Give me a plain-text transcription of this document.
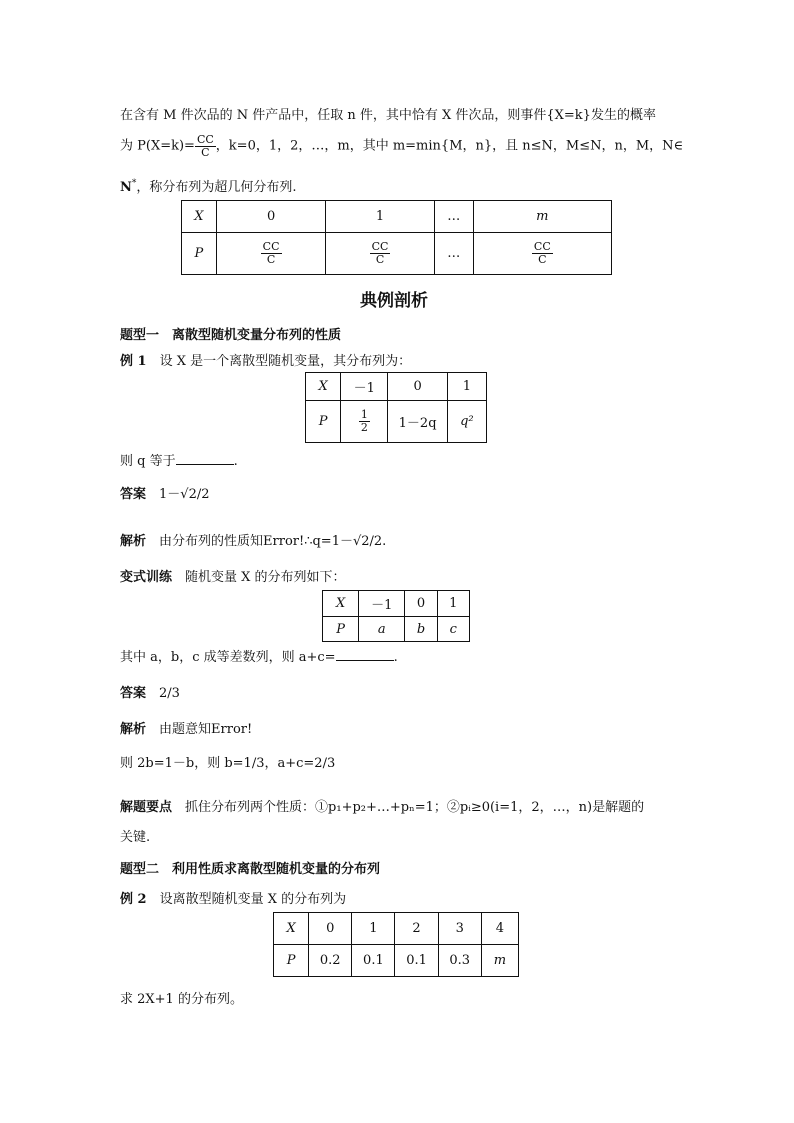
在含有 M 件次品的 N 件产品中，任取 n 件，其中恰有 X 件次品，则事件{X=k}发生的概率
为 $P(X=k)= \frac{CC}{C}$ ，k=0，1，2，…，m，其中 m=min{M，n}，且 n≤N，M≤N，n，M，N∈
N*，称分布列为超几何分布列.
X	0	1	…	m
P	$\frac{CC}{C}$	$\frac{CC}{C}$	…	$\frac{CC}{C}$
典例剖析
题型一　离散型随机变量分布列的性质
例 1　 设 X 是一个离散型随机变量，其分布列为：
X	－1	0	1
P	$\frac{1}{2}$	1－2q	q²
则 q 等于	.
答案　 1－√2/2
解析　 由分布列的性质知Error!∴q=1－√2/2.
变式训练　 随机变量 X 的分布列如下：
X	－1	0	1
P	a	b	c
其中 a，b，c 成等差数列，则 a+c=	.
答案　 2/3
解析　 由题意知Error!
则 2b=1－b，则 b=1/3，a+c=2/3
解题要点　 抓住分布列两个性质：①p₁+p₂+…+pₙ=1；②pᵢ≥0(i=1，2，…，n)是解题的
关键.
题型二　利用性质求离散型随机变量的分布列
例 2　 设离散型随机变量 X 的分布列为
X	0	1	2	3	4
P	0.2	0.1	0.1	0.3	m
求 2X+1 的分布列。
